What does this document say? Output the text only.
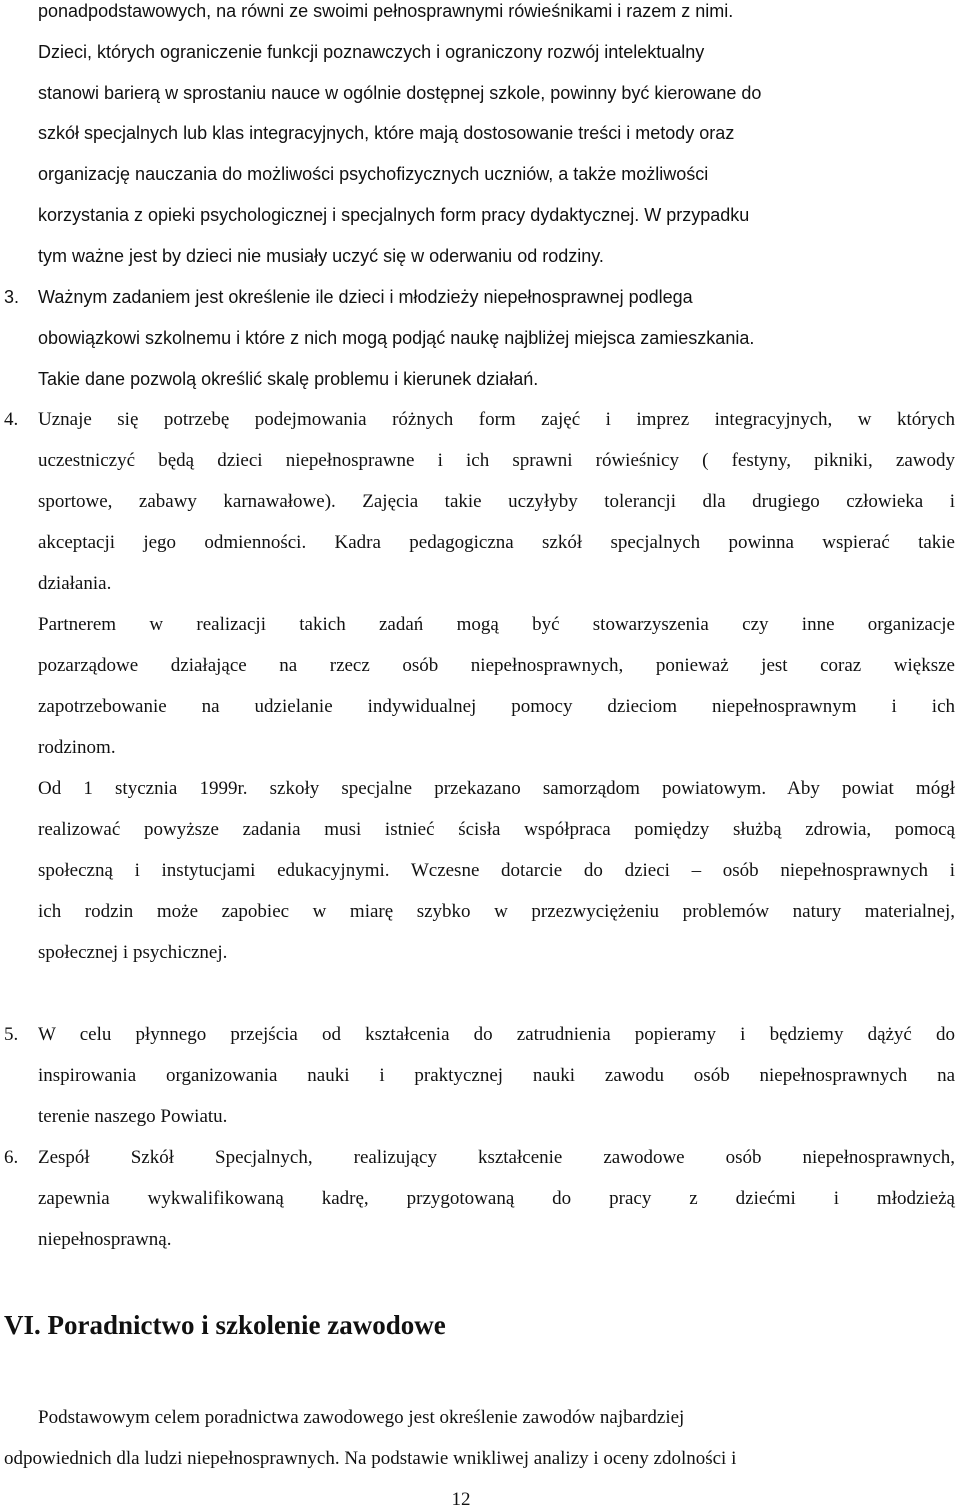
ponadpodstawowych, na równi ze swoimi pełnosprawnymi rówieśnikami i razem z nimi.
Dzieci, których ograniczenie funkcji poznawczych i ograniczony rozwój intelektualny
stanowi barierą w sprostaniu nauce w ogólnie dostępnej szkole, powinny być kierowane do
szkół specjalnych lub klas integracyjnych, które mają dostosowanie treści i metody oraz
organizację nauczania do możliwości psychofizycznych uczniów, a także możliwości
korzystania z opieki psychologicznej i specjalnych form pracy dydaktycznej. W przypadku
tym ważne jest by dzieci nie musiały uczyć się w oderwaniu od rodziny.
3. Ważnym zadaniem jest określenie ile dzieci i młodzieży niepełnosprawnej podlega
obowiązkowi szkolnemu i które z nich mogą podjąć naukę najbliżej miejsca zamieszkania.
Takie dane pozwolą określić skalę problemu i kierunek działań.
4. Uznaje się potrzebę podejmowania różnych form zajęć i imprez integracyjnych, w których
uczestniczyć będą dzieci niepełnosprawne i ich sprawni rówieśnicy ( festyny, pikniki, zawody
sportowe, zabawy karnawałowe). Zajęcia takie uczyłyby tolerancji dla drugiego człowieka i
akceptacji jego odmienności. Kadra pedagogiczna szkół specjalnych powinna wspierać takie
działania.
Partnerem w realizacji takich zadań mogą być stowarzyszenia czy inne organizacje
pozarządowe działające na rzecz osób niepełnosprawnych, ponieważ jest coraz większe
zapotrzebowanie na udzielanie indywidualnej pomocy dzieciom niepełnosprawnym i ich
rodzinom.
Od 1 stycznia 1999r. szkoły specjalne przekazano samorządom powiatowym. Aby powiat mógł
realizować powyższe zadania musi istnieć ścisła współpraca pomiędzy służbą zdrowia, pomocą
społeczną i instytucjami edukacyjnymi. Wczesne dotarcie do dzieci – osób niepełnosprawnych i
ich rodzin może zapobiec w miarę szybko w przezwyciężeniu problemów natury materialnej,
społecznej i psychicznej.
5. W celu płynnego przejścia od kształcenia do zatrudnienia popieramy i będziemy dążyć do
inspirowania organizowania nauki i praktycznej nauki zawodu osób niepełnosprawnych na
terenie naszego Powiatu.
6. Zespół Szkół Specjalnych, realizujący kształcenie zawodowe osób niepełnosprawnych,
zapewnia wykwalifikowaną kadrę, przygotowaną do pracy z dziećmi i młodzieżą
niepełnosprawną.
VI. Poradnictwo i szkolenie zawodowe
Podstawowym celem poradnictwa zawodowego jest określenie zawodów najbardziej
odpowiednich dla ludzi niepełnosprawnych. Na podstawie wnikliwej analizy i oceny zdolności i
12
